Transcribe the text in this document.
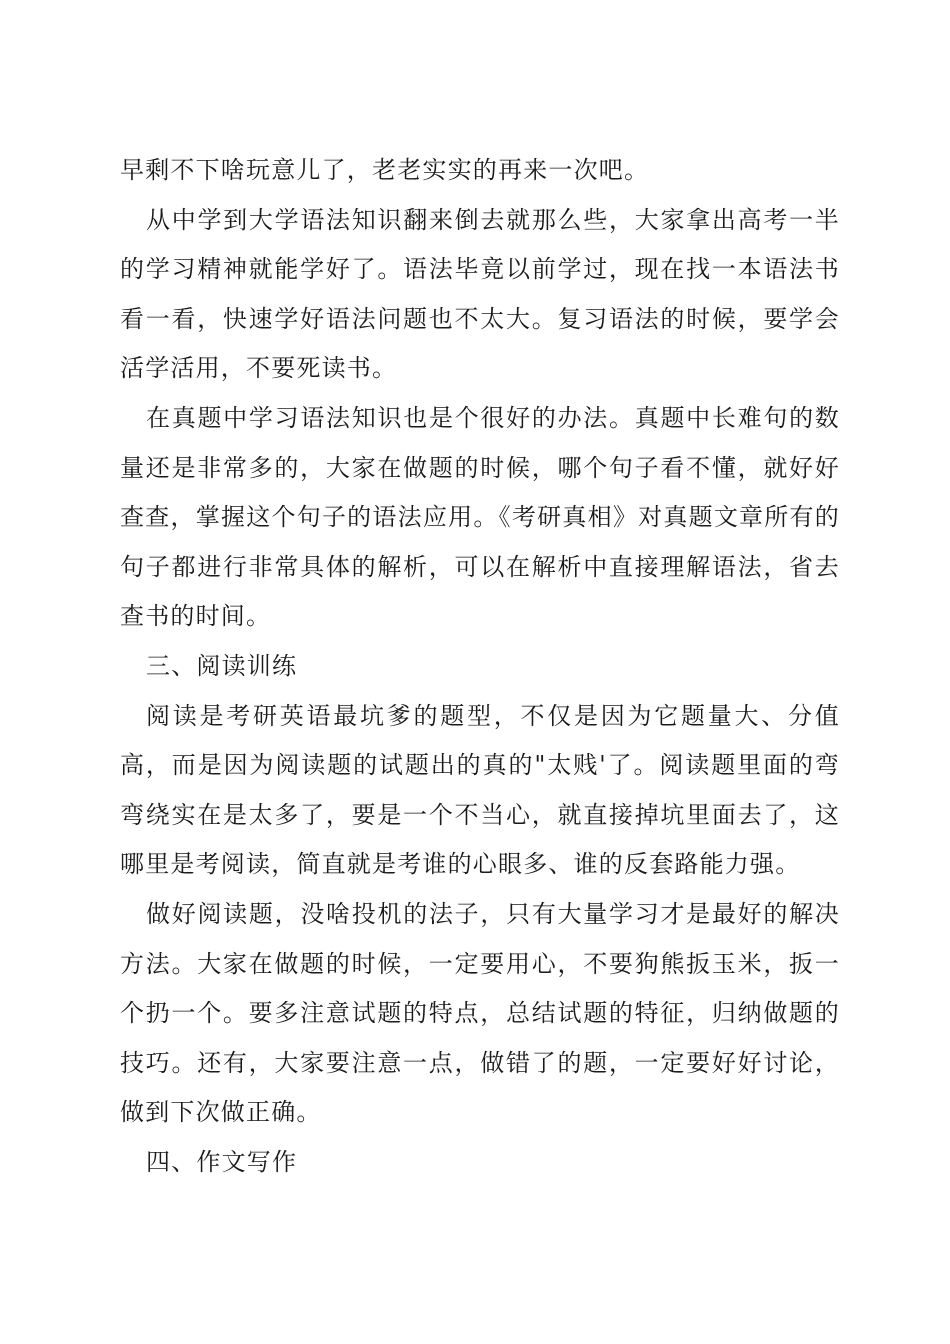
早剩不下啥玩意儿了，老老实实的再来一次吧。

从中学到大学语法知识翻来倒去就那么些，大家拿出高考一半的学习精神就能学好了。语法毕竟以前学过，现在找一本语法书看一看，快速学好语法问题也不太大。复习语法的时候，要学会活学活用，不要死读书。

在真题中学习语法知识也是个很好的办法。真题中长难句的数量还是非常多的，大家在做题的时候，哪个句子看不懂，就好好查查，掌握这个句子的语法应用。《考研真相》对真题文章所有的句子都进行非常具体的解析，可以在解析中直接理解语法，省去查书的时间。

三、阅读训练

阅读是考研英语最坑爹的题型，不仅是因为它题量大、分值高，而是因为阅读题的试题出的真的"太贱'了。阅读题里面的弯弯绕实在是太多了，要是一个不当心，就直接掉坑里面去了，这哪里是考阅读，简直就是考谁的心眼多、谁的反套路能力强。

做好阅读题，没啥投机的法子，只有大量学习才是最好的解决方法。大家在做题的时候，一定要用心，不要狗熊扳玉米，扳一个扔一个。要多注意试题的特点，总结试题的特征，归纳做题的技巧。还有，大家要注意一点，做错了的题，一定要好好讨论，做到下次做正确。

四、作文写作
